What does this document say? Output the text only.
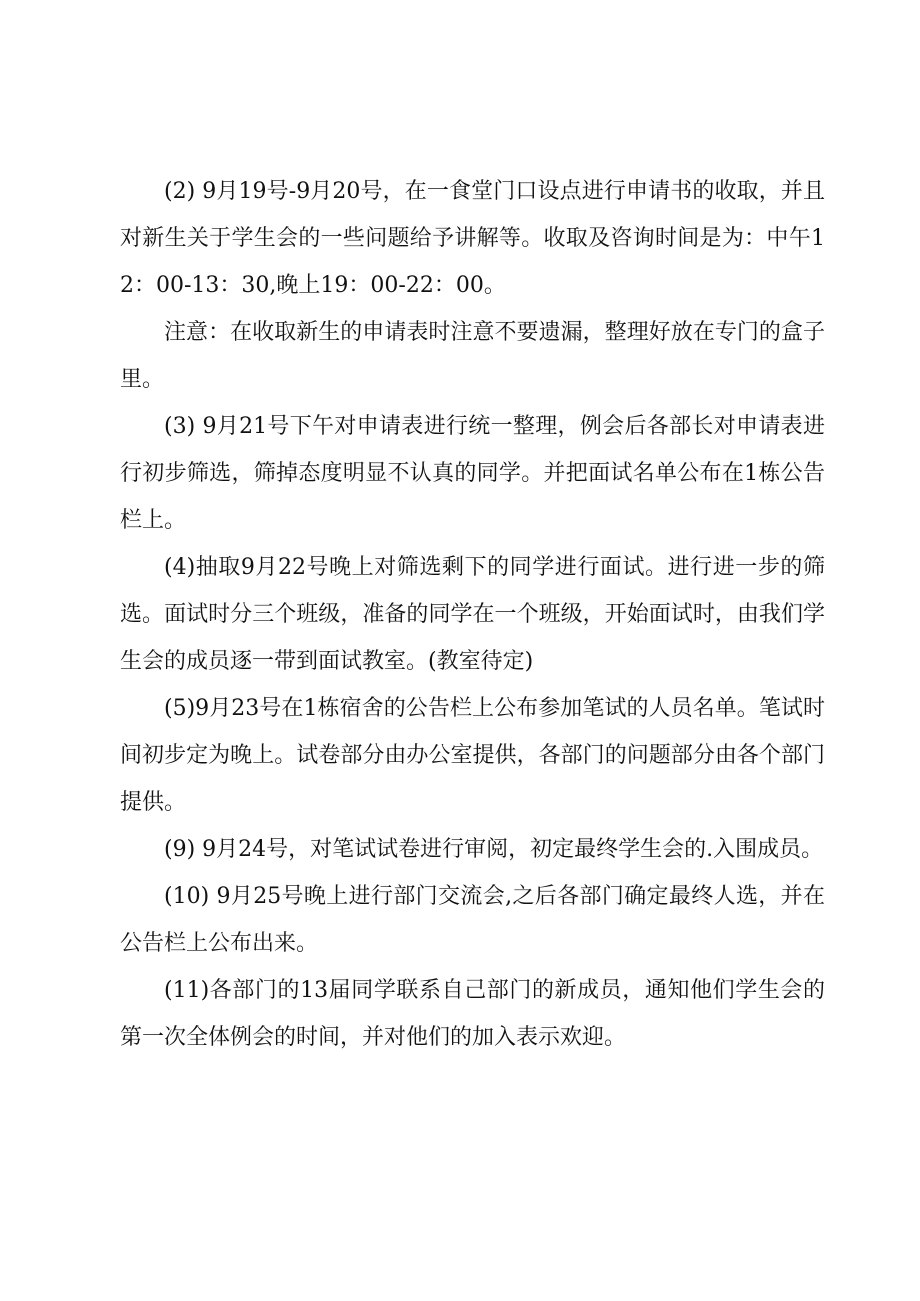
(2) 9月19号-9月20号，在一食堂门口设点进行申请书的收取，并且对新生关于学生会的一些问题给予讲解等。收取及咨询时间是为：中午12：00-13：30,晚上19：00-22：00。

注意：在收取新生的申请表时注意不要遗漏，整理好放在专门的盒子里。

(3) 9月21号下午对申请表进行统一整理，例会后各部长对申请表进行初步筛选，筛掉态度明显不认真的同学。并把面试名单公布在1栋公告栏上。

(4)抽取9月22号晚上对筛选剩下的同学进行面试。进行进一步的筛选。面试时分三个班级，准备的同学在一个班级，开始面试时，由我们学生会的成员逐一带到面试教室。(教室待定)

(5)9月23号在1栋宿舍的公告栏上公布参加笔试的人员名单。笔试时间初步定为晚上。试卷部分由办公室提供，各部门的问题部分由各个部门提供。

(9) 9月24号，对笔试试卷进行审阅，初定最终学生会的.入围成员。

(10) 9月25号晚上进行部门交流会,之后各部门确定最终人选，并在公告栏上公布出来。

(11)各部门的13届同学联系自己部门的新成员，通知他们学生会的第一次全体例会的时间，并对他们的加入表示欢迎。
